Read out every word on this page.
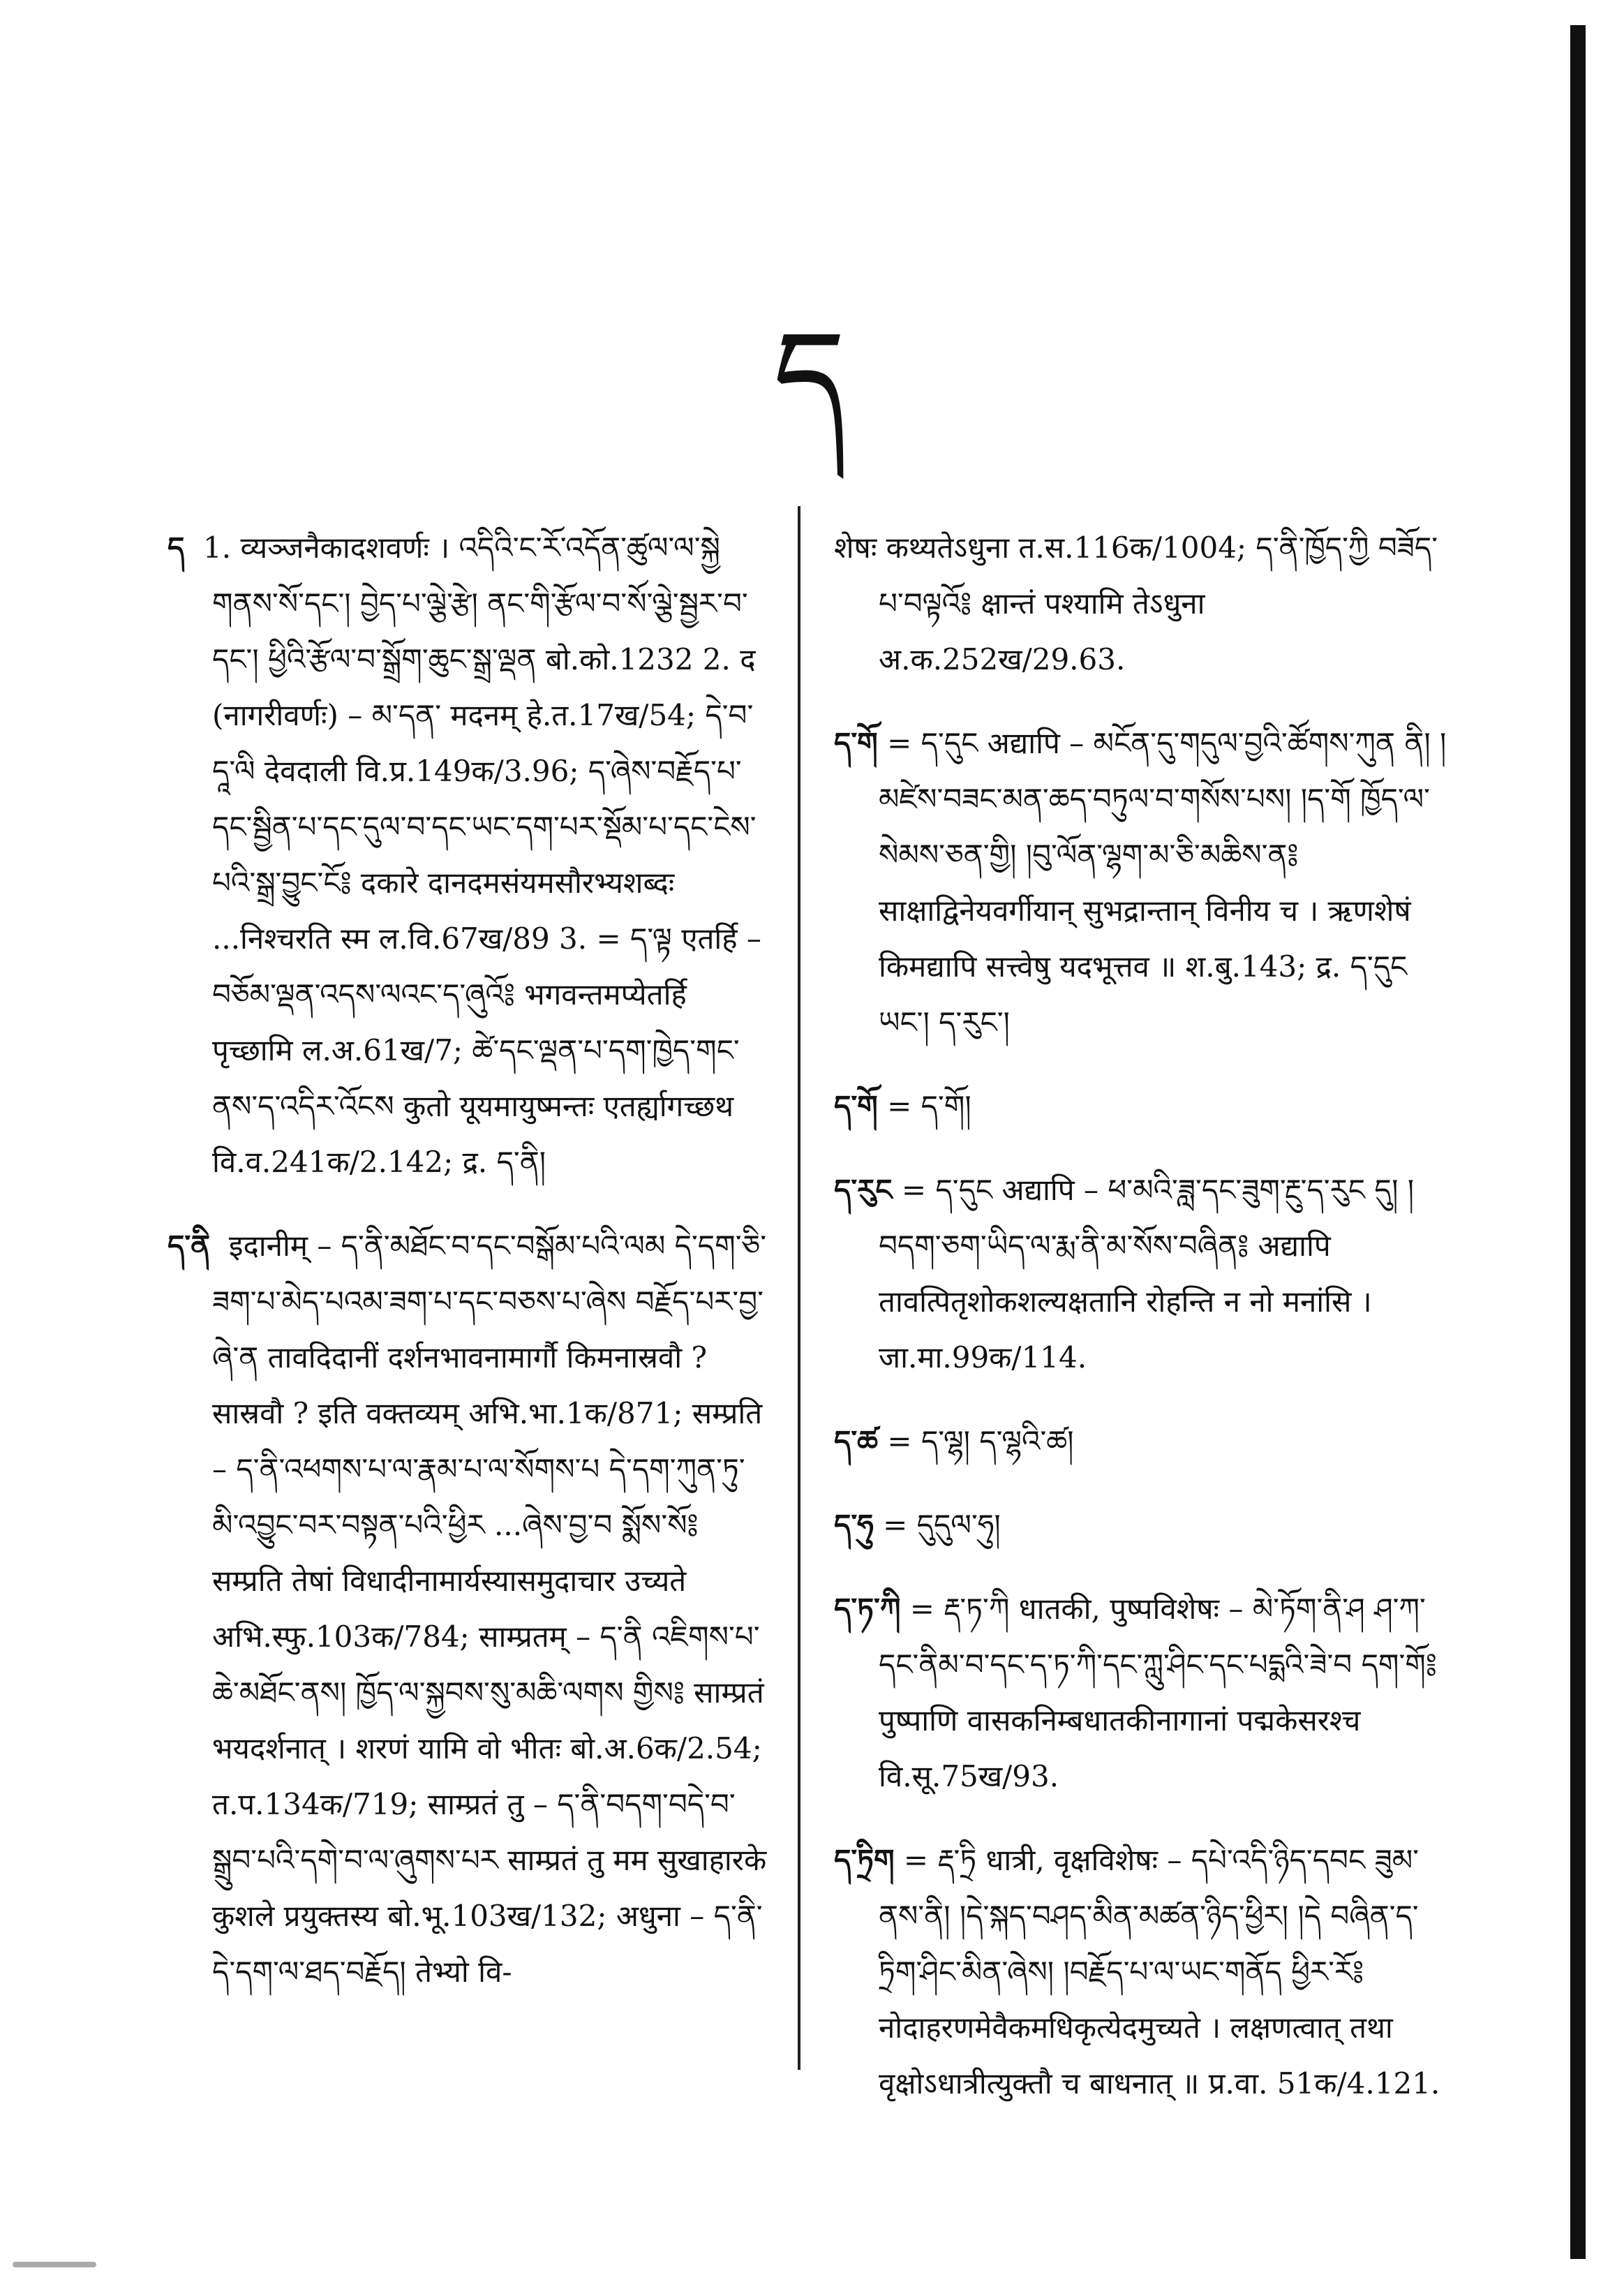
ད

ད 1. व्यञ्जनैकादशवर्णः । འདིའི་ང་རོ་འདོན་ཚུལ་ལ་སྐྱེ གནས་སོ་དང་། བྱེད་པ་ལྕེ་རྩེ། ནང་གི་རྩོལ་བ་སོ་ལྕེ་སྦྱར་བ་དང་། ཕྱིའི་རྩོལ་བ་སྒྲོག་ཆུང་སྒྲ་ལྡན बो.को.1232 2. द (नागरीवर्णः) – མ་དན་ मदनम् हे.त.17ख/54; དེ་བ་དཱ་ལི देवदाली वि.प्र.149क/3.96; ད་ཞེས་བརྗོད་པ་དང་སྦྱིན་པ་དང་དུལ་བ་དང་ཡང་དག་པར་སྡོམ་པ་དང་ངེས་པའི་སྒྲ་བྱུང་ངོ༔ दकारे दानदमसंयमसौरभ्यशब्दः ...निश्चरति स्म ल.वि.67ख/89 3. = ད་ལྟ एतर्हि – བཅོམ་ལྡན་འདས་ལའང་ད་ཞུའོ༔ भगवन्तमप्येतर्हि पृच्छामि ल.अ.61ख/7; ཚེ་དང་ལྡན་པ་དག་ཁྱེད་གང་ནས་ད་འདིར་འོངས कुतो यूयमायुष्मन्तः एतर्ह्यागच्छथ वि.व.241क/2.142; द्र. ད་ནི།

ད་ནི इदानीम् – ད་ནི་མཐོང་བ་དང་བསྒོམ་པའི་ལམ དེ་དག་ཅི་ཟག་པ་མེད་པའམ་ཟག་པ་དང་བཅས་པ་ཞེས བརྗོད་པར་བྱ་ཞེ་ན तावदिदानीं दर्शनभावनामार्गौ किमनास्रवौ ? सास्रवौ ? इति वक्तव्यम् अभि.भा.1क/871; सम्प्रति – ད་ནི་འཕགས་པ་ལ་རྣམ་པ་ལ་སོགས་པ དེ་དག་ཀུན་ཏུ་མི་འབྱུང་བར་བསྟན་པའི་ཕྱིར ...ཞེས་བྱ་བ སྨོས་སོ༔ सम्प्रति तेषां विधादीनामार्यस्यासमुदाचार उच्यते अभि.स्फु.103क/784; साम्प्रतम् – ད་ནི འཇིགས་པ་ཆེ་མཐོང་ནས། ཁྱོད་ལ་སྐྱབས་སུ་མཆི་ལགས གྱིས༔ साम्प्रतं भयदर्शनात् । शरणं यामि वो भीतः बो.अ.6क/2.54; त.प.134क/719; साम्प्रतं तु – ད་ནི་བདག་བདེ་བ་སྒྲུབ་པའི་དགེ་བ་ལ་ཞུགས་པར साम्प्रतं तु मम सुखाहारके कुशले प्रयुक्तस्य बो.भू.103ख/132; अधुना – ད་ནི་དེ་དག་ལ་ཐད་བརྗོད། तेभ्यो वि-

शेषः कथ्यतेऽधुना त.स.116क/1004; ད་ནི་ཁྱོད་ཀྱི བཟོད་པ་བལྟའོ༔ क्षान्तं पश्यामि तेऽधुना अ.क.252ख/29.63.

ད་གོ = ད་དུང अद्यापि – མངོན་དུ་གདུལ་བྱའི་ཚོགས་ཀུན ནི། །མཛེས་བཟང་མན་ཆད་བཏུལ་བ་གསོས་པས། །ད་གོ ཁྱོད་ལ་སེམས་ཅན་གྱི། །བུ་ལོན་ལྷག་མ་ཅི་མཆིས་ན༔ साक्षाद्विनेयवर्गीयान् सुभद्रान्तान् विनीय च । ऋणशेषं किमद्यापि सत्त्वेषु यदभूत्तव ॥ श.बु.143; द्र. ད་དུང ཡང་། ད་རུང་།

ད་གོ = ད་གོ།

ད་རུང = ད་དུང अद्यापि – ཕ་མའི་ཟླ་དང་ཟུག་རྔུ་ད་རུང དུ། །བདག་ཅག་ཡིད་ལ་རྨ་ནི་མ་སོས་བཞིན༔ अद्यापि तावत्पितृशोकशल्यक्षतानि रोहन्ति न नो मनांसि । जा.मा.99क/114.

ད་ཚ = ད་ལྷ། ད་ལྷའི་ཚ།

ད་ཧུ = དུདུལ་ཧུ།

ད་ཏ་ཀི = རྡ་ཏ་ཀི धातकी, पुष्पविशेषः – མེ་ཏོག་ནི་ཤ ཤ་ཀ་དང་ནིམ་བ་དང་ད་ཏ་ཀི་དང་ཀླུ་ཤིང་དང་པདྨའི་ཟེ་བ དག་གོ༔ पुष्पाणि वासकनिम्बधातकीनागानां पद्मकेसरश्च वि.सू.75ख/93.

ད་ཏྲིག = རྡ་ཏྲི धात्री, वृक्षविशेषः – དཔེ་འདི་ཉིད་དབང ཟུམ་ནས་ནི། །དེ་སྐད་བཤད་མིན་མཚན་ཉིད་ཕྱིར། །དེ བཞིན་ད་ཏྲིག་ཤིང་མིན་ཞེས། །བརྗོད་པ་ལ་ཡང་གནོད ཕྱིར་རོ༔ नोदाहरणमेवैकमधिकृत्येदमुच्यते । लक्षणत्वात् तथा वृक्षोऽधात्रीत्युक्तौ च बाधनात् ॥ प्र.वा. 51क/4.121.
